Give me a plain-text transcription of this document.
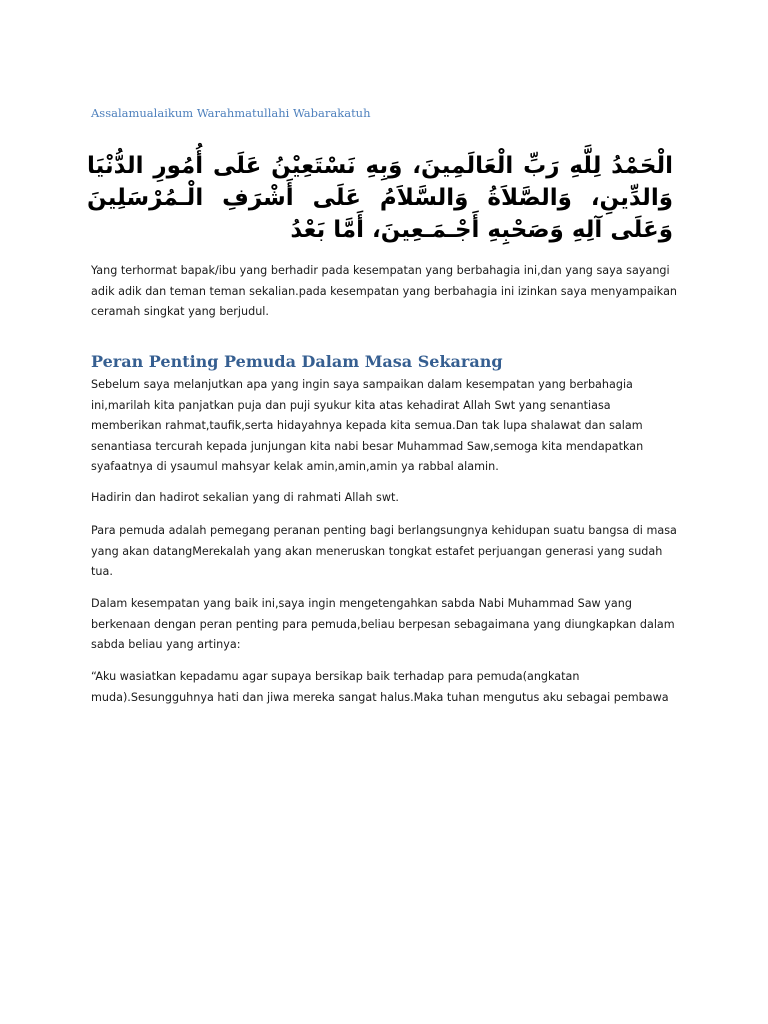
Assalamualaikum Warahmatullahi Wabarakatuh
الْحَمْدُ لِلَّهِ رَبِّ الْعَالَمِينَ، وَبِهِ نَسْتَعِيْنُ عَلَى أُمُورِ الدُّنْيَا وَالدِّينِ، وَالصَّلاَةُ وَالسَّلاَمُ عَلَى أَشْرَفِ الْـمُرْسَلِينَ وَعَلَى آلِهِ وَصَحْبِهِ أَجْـمَـعِينَ، أَمَّا بَعْدُ

Yang terhormat bapak/ibu yang berhadir pada kesempatan yang berbahagia ini,dan yang saya sayangi adik adik dan teman teman sekalian.pada kesempatan yang berbahagia ini izinkan saya menyampaikan ceramah singkat yang berjudul.

Peran Penting Pemuda Dalam Masa Sekarang

Sebelum saya melanjutkan apa yang ingin saya sampaikan dalam kesempatan yang berbahagia ini,marilah kita panjatkan puja dan puji syukur kita atas kehadirat Allah Swt yang senantiasa memberikan rahmat,taufik,serta hidayahnya kepada kita semua.Dan tak lupa shalawat dan salam senantiasa tercurah kepada junjungan kita nabi besar Muhammad Saw,semoga kita mendapatkan syafaatnya di ysaumul mahsyar kelak amin,amin,amin ya rabbal alamin.

Hadirin dan hadirot sekalian yang di rahmati Allah swt.

Para pemuda adalah pemegang peranan penting bagi berlangsungnya kehidupan suatu bangsa di masa yang akan datangMerekalah yang akan meneruskan tongkat estafet perjuangan generasi yang sudah tua.

Dalam kesempatan yang baik ini,saya ingin mengetengahkan sabda Nabi Muhammad Saw yang berkenaan dengan peran penting para pemuda,beliau berpesan sebagaimana yang diungkapkan dalam sabda beliau yang artinya:

“Aku wasiatkan kepadamu agar supaya bersikap baik terhadap para pemuda(angkatan muda).Sesungguhnya hati dan jiwa mereka sangat halus.Maka tuhan mengutus aku sebagai pembawa
